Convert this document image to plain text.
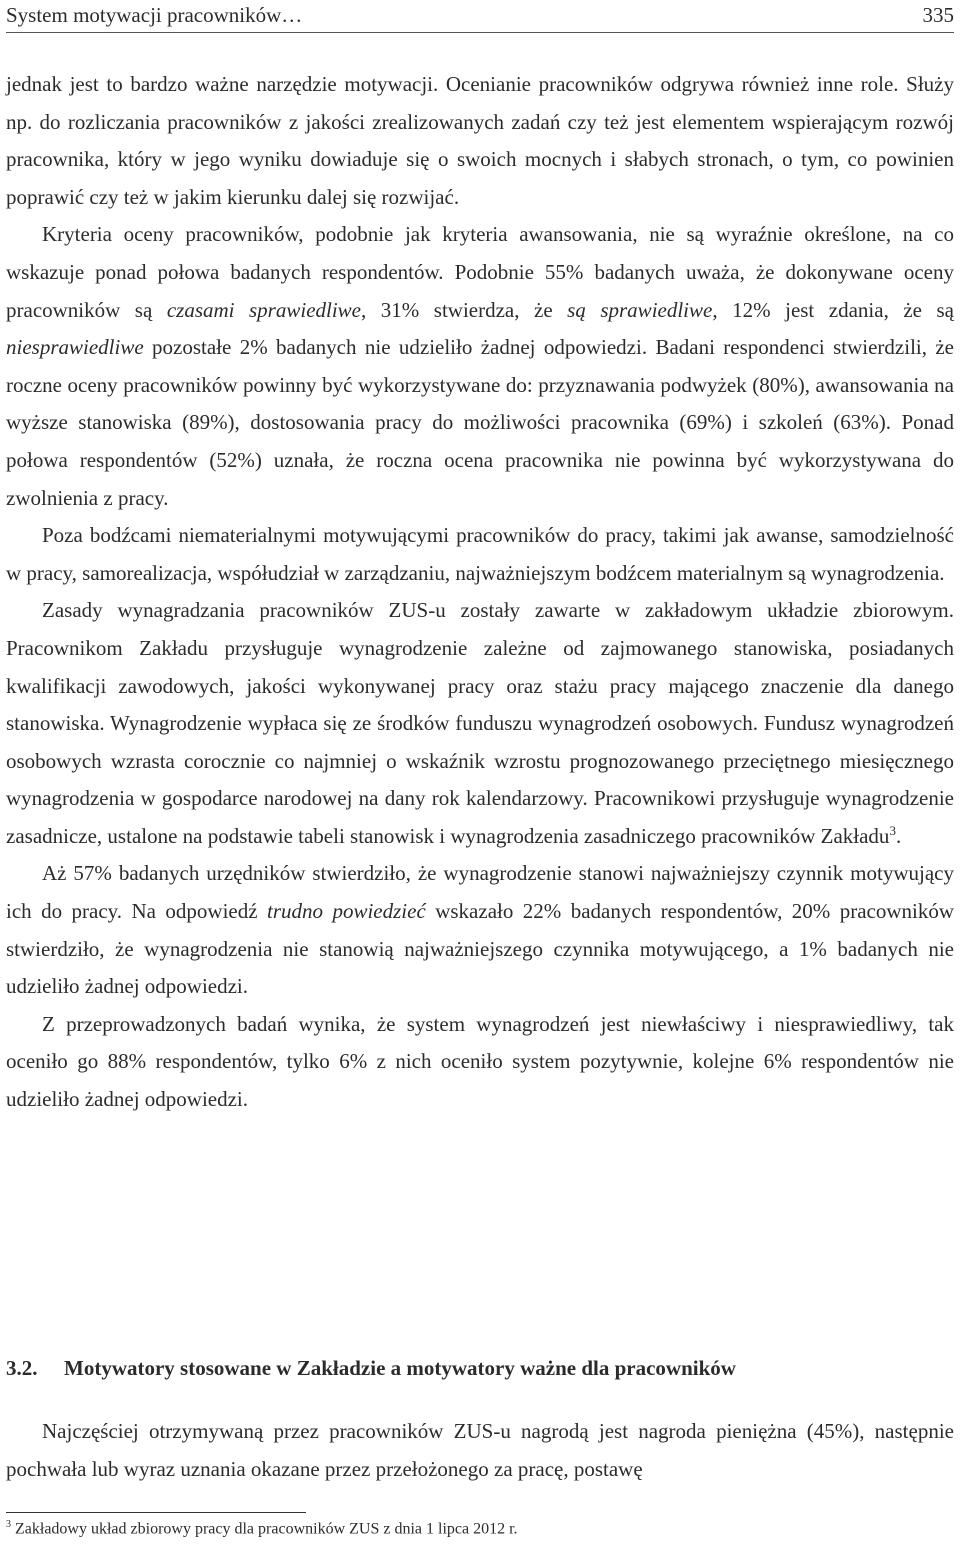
System motywacji pracowników…	335

jednak jest to bardzo ważne narzędzie motywacji. Ocenianie pracowników odgrywa również inne role. Służy np. do rozliczania pracowników z jakości zrealizowanych zadań czy też jest elementem wspierającym rozwój pracownika, który w jego wyniku dowiaduje się o swoich mocnych i słabych stronach, o tym, co powinien poprawić czy też w jakim kierunku dalej się rozwijać.

Kryteria oceny pracowników, podobnie jak kryteria awansowania, nie są wyraźnie określone, na co wskazuje ponad połowa badanych respondentów. Podobnie 55% badanych uważa, że dokonywane oceny pracowników są czasami sprawiedliwe, 31% stwierdza, że są sprawiedliwe, 12% jest zdania, że są niesprawiedliwe pozostałe 2% badanych nie udzieliło żadnej odpowiedzi. Badani respondenci stwierdzili, że roczne oceny pracowników powinny być wykorzystywane do: przyznawania podwyżek (80%), awansowania na wyższe stanowiska (89%), dostosowania pracy do możliwości pracownika (69%) i szkoleń (63%). Ponad połowa respondentów (52%) uznała, że roczna ocena pracownika nie powinna być wykorzystywana do zwolnienia z pracy.

Poza bodźcami niematerialnymi motywującymi pracowników do pracy, takimi jak awanse, samodzielność w pracy, samorealizacja, współudział w zarządzaniu, najważniejszym bodźcem materialnym są wynagrodzenia.

Zasady wynagradzania pracowników ZUS-u zostały zawarte w zakładowym układzie zbiorowym. Pracownikom Zakładu przysługuje wynagrodzenie zależne od zajmowanego stanowiska, posiadanych kwalifikacji zawodowych, jakości wykonywanej pracy oraz stażu pracy mającego znaczenie dla danego stanowiska. Wynagrodzenie wypłaca się ze środków funduszu wynagrodzeń osobowych. Fundusz wynagrodzeń osobowych wzrasta corocznie co najmniej o wskaźnik wzrostu prognozowanego przeciętnego miesięcznego wynagrodzenia w gospodarce narodowej na dany rok kalendarzowy. Pracownikowi przysługuje wynagrodzenie zasadnicze, ustalone na podstawie tabeli stanowisk i wynagrodzenia zasadniczego pracowników Zakładu$^3$.

Aż 57% badanych urzędników stwierdziło, że wynagrodzenie stanowi najważniejszy czynnik motywujący ich do pracy. Na odpowiedź trudno powiedzieć wskazało 22% badanych respondentów, 20% pracowników stwierdziło, że wynagrodzenia nie stanowią najważniejszego czynnika motywującego, a 1% badanych nie udzieliło żadnej odpowiedzi.

Z przeprowadzonych badań wynika, że system wynagrodzeń jest niewłaściwy i niesprawiedliwy, tak oceniło go 88% respondentów, tylko 6% z nich oceniło system pozytywnie, kolejne 6% respondentów nie udzieliło żadnej odpowiedzi.

3.2. Motywatory stosowane w Zakładzie a motywatory ważne dla pracowników

Najczęściej otrzymywaną przez pracowników ZUS-u nagrodą jest nagroda pieniężna (45%), następnie pochwała lub wyraz uznania okazane przez przełożonego za pracę, postawę

$^3$ Zakładowy układ zbiorowy pracy dla pracowników ZUS z dnia 1 lipca 2012 r.
